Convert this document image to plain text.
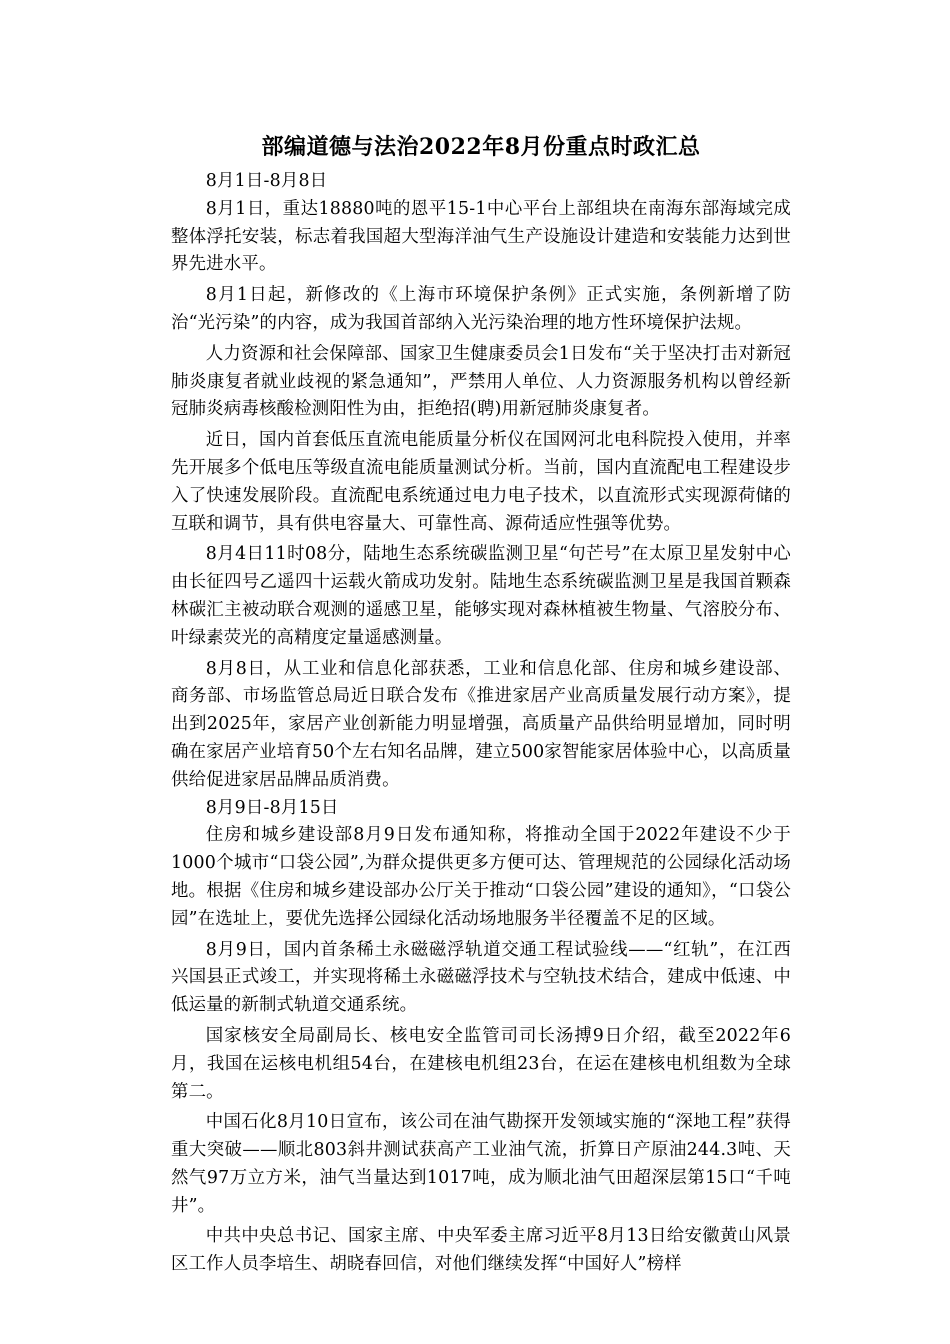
部编道德与法治2022年8月份重点时政汇总

8月1日-8月8日

8月1日，重达18880吨的恩平15-1中心平台上部组块在南海东部海域完成整体浮托安装，标志着我国超大型海洋油气生产设施设计建造和安装能力达到世界先进水平。

8月1日起，新修改的《上海市环境保护条例》正式实施，条例新增了防治“光污染”的内容，成为我国首部纳入光污染治理的地方性环境保护法规。

人力资源和社会保障部、国家卫生健康委员会1日发布“关于坚决打击对新冠肺炎康复者就业歧视的紧急通知”，严禁用人单位、人力资源服务机构以曾经新冠肺炎病毒核酸检测阳性为由，拒绝招(聘)用新冠肺炎康复者。

近日，国内首套低压直流电能质量分析仪在国网河北电科院投入使用，并率先开展多个低电压等级直流电能质量测试分析。当前，国内直流配电工程建设步入了快速发展阶段。直流配电系统通过电力电子技术，以直流形式实现源荷储的互联和调节，具有供电容量大、可靠性高、源荷适应性强等优势。

8月4日11时08分，陆地生态系统碳监测卫星“句芒号”在太原卫星发射中心由长征四号乙遥四十运载火箭成功发射。陆地生态系统碳监测卫星是我国首颗森林碳汇主被动联合观测的遥感卫星，能够实现对森林植被生物量、气溶胶分布、叶绿素荧光的高精度定量遥感测量。

8月8日，从工业和信息化部获悉，工业和信息化部、住房和城乡建设部、商务部、市场监管总局近日联合发布《推进家居产业高质量发展行动方案》，提出到2025年，家居产业创新能力明显增强，高质量产品供给明显增加，同时明确在家居产业培育50个左右知名品牌，建立500家智能家居体验中心，以高质量供给促进家居品牌品质消费。

8月9日-8月15日

住房和城乡建设部8月9日发布通知称，将推动全国于2022年建设不少于1000个城市“口袋公园”,为群众提供更多方便可达、管理规范的公园绿化活动场地。根据《住房和城乡建设部办公厅关于推动“口袋公园”建设的通知》，“口袋公园”在选址上，要优先选择公园绿化活动场地服务半径覆盖不足的区域。

8月9日，国内首条稀土永磁磁浮轨道交通工程试验线——“红轨”，在江西兴国县正式竣工，并实现将稀土永磁磁浮技术与空轨技术结合，建成中低速、中低运量的新制式轨道交通系统。

国家核安全局副局长、核电安全监管司司长汤搏9日介绍，截至2022年6月，我国在运核电机组54台，在建核电机组23台，在运在建核电机组数为全球第二。

中国石化8月10日宣布，该公司在油气勘探开发领域实施的“深地工程”获得重大突破——顺北803斜井测试获高产工业油气流，折算日产原油244.3吨、天然气97万立方米，油气当量达到1017吨，成为顺北油气田超深层第15口“千吨井”。

中共中央总书记、国家主席、中央军委主席习近平8月13日给安徽黄山风景区工作人员李培生、胡晓春回信，对他们继续发挥“中国好人”榜样
